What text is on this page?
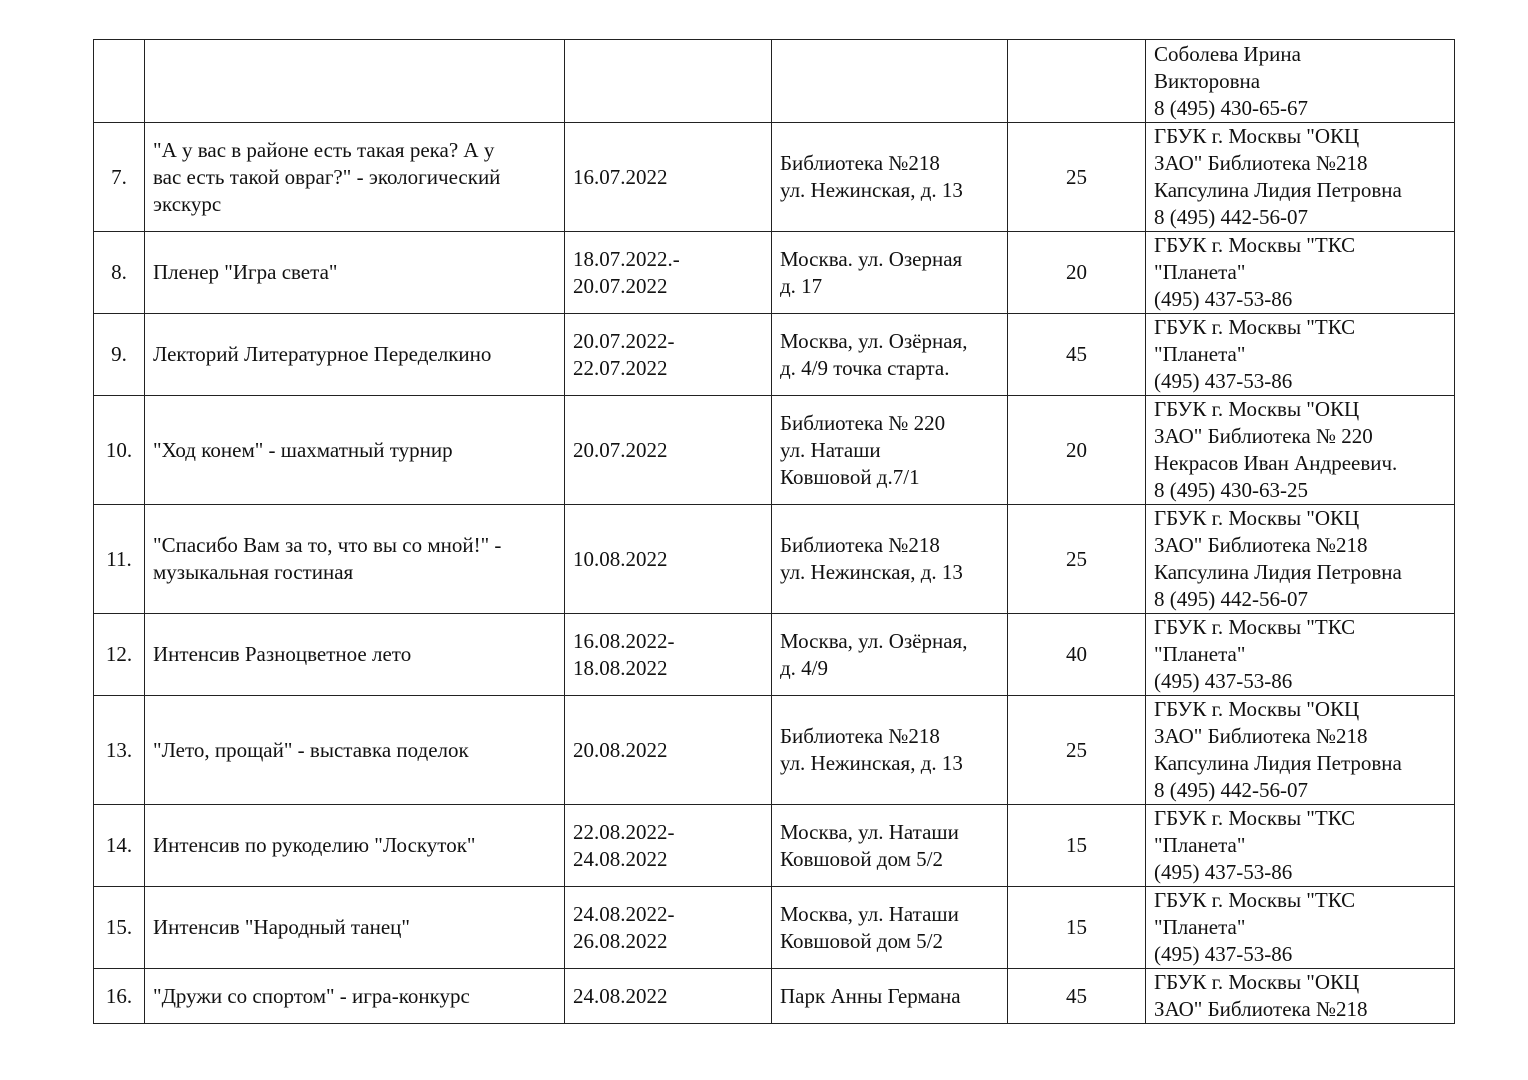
					Соболева Ирина
Викторовна
8 (495) 430-65-67

7.	"А у вас в районе есть такая река? А у
вас есть такой овраг?" - экологический
экскурс	16.07.2022	Библиотека №218
ул. Нежинская, д. 13	25	ГБУК г. Москвы "ОКЦ
ЗАО" Библиотека №218
Капсулина Лидия Петровна
8 (495) 442-56-07

8.	Пленер "Игра света"	18.07.2022.-
20.07.2022	Москва. ул. Озерная
д. 17	20	ГБУК г. Москвы "ТКС
"Планета"
(495) 437-53-86

9.	Лекторий Литературное Переделкино	20.07.2022-
22.07.2022	Москва, ул. Озёрная,
д. 4/9 точка старта.	45	ГБУК г. Москвы "ТКС
"Планета"
(495) 437-53-86

10.	"Ход конем" - шахматный турнир	20.07.2022	Библиотека № 220
ул. Наташи
Ковшовой д.7/1	20	ГБУК г. Москвы "ОКЦ
ЗАО" Библиотека № 220
Некрасов Иван Андреевич.
8 (495) 430-63-25

11.	"Спасибо Вам за то, что вы со мной!" -
музыкальная гостиная	10.08.2022	Библиотека №218
ул. Нежинская, д. 13	25	ГБУК г. Москвы "ОКЦ
ЗАО" Библиотека №218
Капсулина Лидия Петровна
8 (495) 442-56-07

12.	Интенсив Разноцветное лето	16.08.2022-
18.08.2022	Москва, ул. Озёрная,
д. 4/9	40	ГБУК г. Москвы "ТКС
"Планета"
(495) 437-53-86

13.	"Лето, прощай" - выставка поделок	20.08.2022	Библиотека №218
ул. Нежинская, д. 13	25	ГБУК г. Москвы "ОКЦ
ЗАО" Библиотека №218
Капсулина Лидия Петровна
8 (495) 442-56-07

14.	Интенсив по рукоделию "Лоскуток"	22.08.2022-
24.08.2022	Москва, ул. Наташи
Ковшовой дом 5/2	15	ГБУК г. Москвы "ТКС
"Планета"
(495) 437-53-86

15.	Интенсив "Народный танец"	24.08.2022-
26.08.2022	Москва, ул. Наташи
Ковшовой дом 5/2	15	ГБУК г. Москвы "ТКС
"Планета"
(495) 437-53-86

16.	"Дружи со спортом" - игра-конкурс	24.08.2022	Парк Анны Германа	45	ГБУК г. Москвы "ОКЦ
ЗАО" Библиотека №218
